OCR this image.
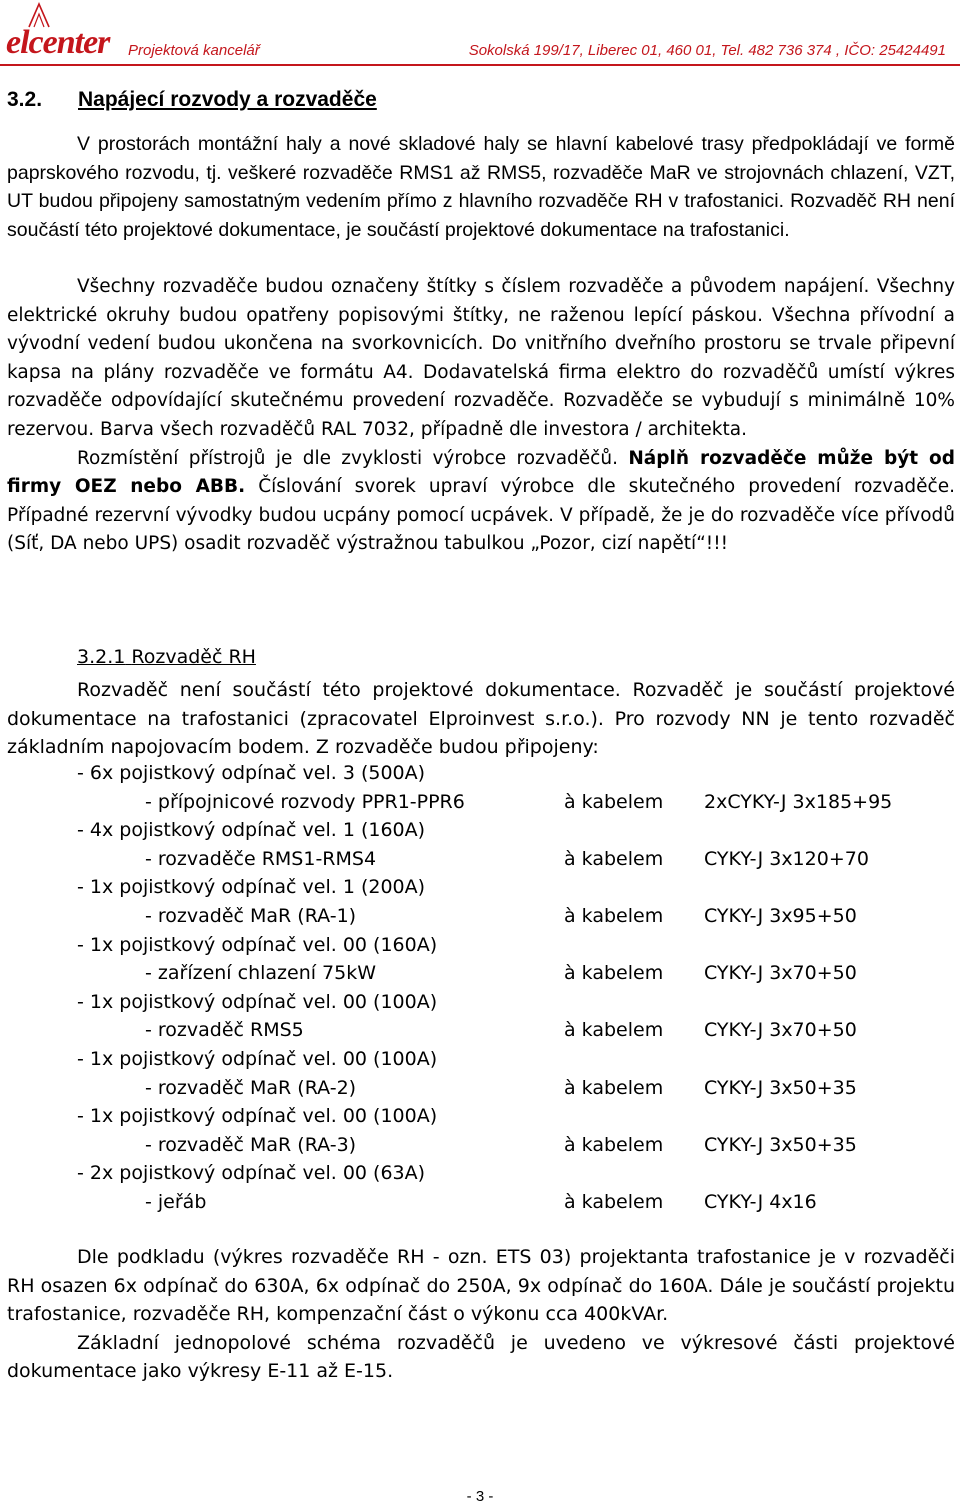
elcenter Projektová kancelář	Sokolská 199/17, Liberec 01, 460 01, Tel. 482 736 374 , IČO: 25424491
3.2. Napájecí rozvody a rozvaděče

V prostorách montážní haly a nové skladové haly se hlavní kabelové trasy předpokládají ve formě paprskového rozvodu, tj. veškeré rozvaděče RMS1 až RMS5, rozvaděče MaR ve strojovnách chlazení, VZT, UT budou připojeny samostatným vedením přímo z hlavního rozvaděče RH v trafostanici. Rozvaděč RH není součástí této projektové dokumentace, je součástí projektové dokumentace na trafostanici.

Všechny rozvaděče budou označeny štítky s číslem rozvaděče a původem napájení. Všechny elektrické okruhy budou opatřeny popisovými štítky, ne raženou lepící páskou. Všechna přívodní a vývodní vedení budou ukončena na svorkovnicích. Do vnitřního dveřního prostoru se trvale připevní kapsa na plány rozvaděče ve formátu A4. Dodavatelská firma elektro do rozvaděčů umístí výkres rozvaděče odpovídající skutečnému provedení rozvaděče. Rozvaděče se vybudují s minimálně 10% rezervou. Barva všech rozvaděčů RAL 7032, případně dle investora / architekta.

Rozmístění přístrojů je dle zvyklosti výrobce rozvaděčů. Náplň rozvaděče může být od firmy OEZ nebo ABB. Číslování svorek upraví výrobce dle skutečného provedení rozvaděče. Případné rezervní vývodky budou ucpány pomocí ucpávek. V případě, že je do rozvaděče více přívodů (Síť, DA nebo UPS) osadit rozvaděč výstražnou tabulkou „Pozor, cizí napětí“!!!

3.2.1 Rozvaděč RH

Rozvaděč není součástí této projektové dokumentace. Rozvaděč je součástí projektové dokumentace na trafostanici (zpracovatel Elproinvest s.r.o.). Pro rozvody NN je tento rozvaděč základním napojovacím bodem. Z rozvaděče budou připojeny:

- 6x pojistkový odpínač vel. 3 (500A)
- přípojnicové rozvody PPR1-PPR6	à kabelem 2xCYKY-J 3x185+95
- 4x pojistkový odpínač vel. 1 (160A)
- rozvaděče RMS1-RMS4	à kabelem CYKY-J 3x120+70
- 1x pojistkový odpínač vel. 1 (200A)
- rozvaděč MaR (RA-1)	à kabelem CYKY-J 3x95+50
- 1x pojistkový odpínač vel. 00 (160A)
- zařízení chlazení 75kW	à kabelem CYKY-J 3x70+50
- 1x pojistkový odpínač vel. 00 (100A)
- rozvaděč RMS5	à kabelem CYKY-J 3x70+50
- 1x pojistkový odpínač vel. 00 (100A)
- rozvaděč MaR (RA-2)	à kabelem CYKY-J 3x50+35
- 1x pojistkový odpínač vel. 00 (100A)
- rozvaděč MaR (RA-3)	à kabelem CYKY-J 3x50+35
- 2x pojistkový odpínač vel. 00 (63A)
- jeřáb	à kabelem CYKY-J 4x16

Dle podkladu (výkres rozvaděče RH - ozn. ETS 03) projektanta trafostanice je v rozvaděči RH osazen 6x odpínač do 630A, 6x odpínač do 250A, 9x odpínač do 160A. Dále je součástí projektu trafostanice, rozvaděče RH, kompenzační část o výkonu cca 400kVAr.

Základní jednopolové schéma rozvaděčů je uvedeno ve výkresové části projektové dokumentace jako výkresy E-11 až E-15.

- 3 -
